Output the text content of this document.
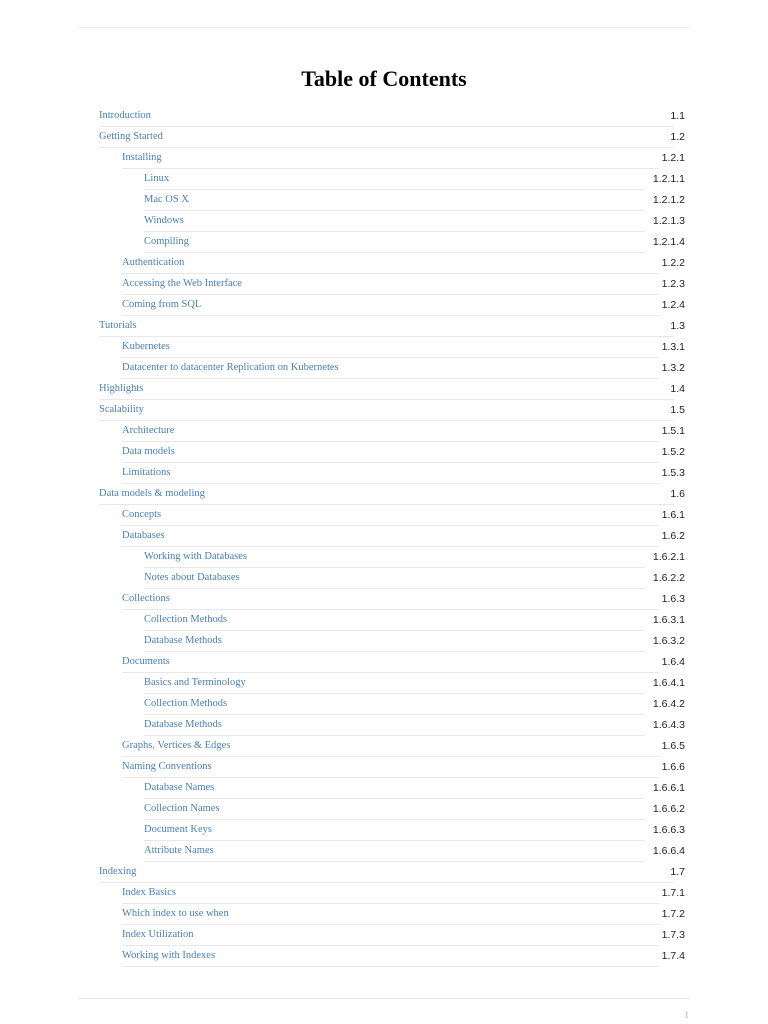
Table of Contents
Introduction	1.1
Getting Started	1.2
Installing	1.2.1
Linux	1.2.1.1
Mac OS X	1.2.1.2
Windows	1.2.1.3
Compiling	1.2.1.4
Authentication	1.2.2
Accessing the Web Interface	1.2.3
Coming from SQL	1.2.4
Tutorials	1.3
Kubernetes	1.3.1
Datacenter to datacenter Replication on Kubernetes	1.3.2
Highlights	1.4
Scalability	1.5
Architecture	1.5.1
Data models	1.5.2
Limitations	1.5.3
Data models & modeling	1.6
Concepts	1.6.1
Databases	1.6.2
Working with Databases	1.6.2.1
Notes about Databases	1.6.2.2
Collections	1.6.3
Collection Methods	1.6.3.1
Database Methods	1.6.3.2
Documents	1.6.4
Basics and Terminology	1.6.4.1
Collection Methods	1.6.4.2
Database Methods	1.6.4.3
Graphs, Vertices & Edges	1.6.5
Naming Conventions	1.6.6
Database Names	1.6.6.1
Collection Names	1.6.6.2
Document Keys	1.6.6.3
Attribute Names	1.6.6.4
Indexing	1.7
Index Basics	1.7.1
Which index to use when	1.7.2
Index Utilization	1.7.3
Working with Indexes	1.7.4
1
